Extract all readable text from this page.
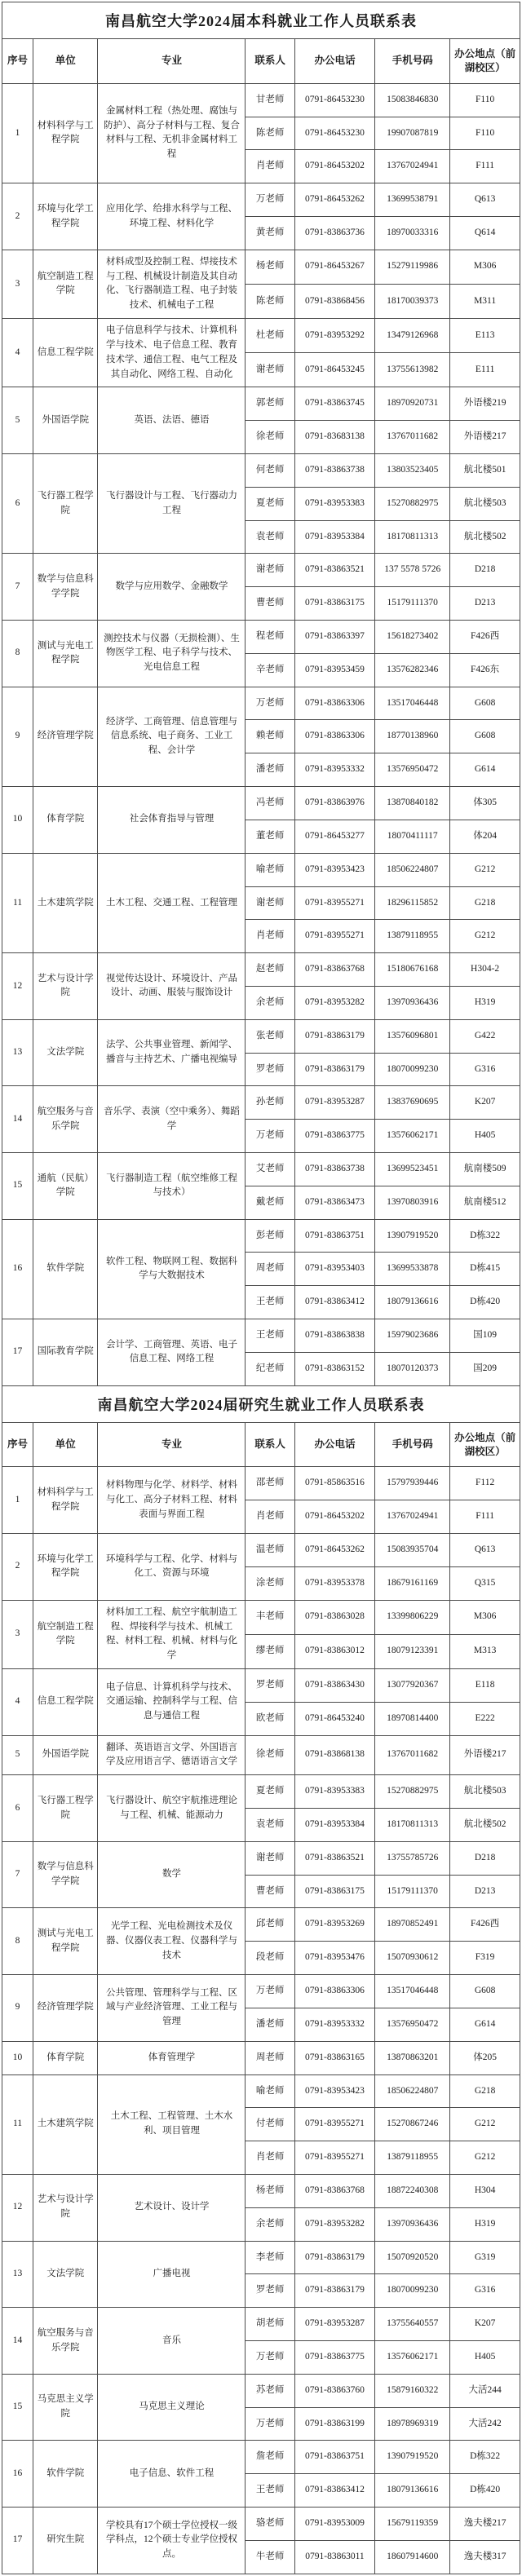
南昌航空大学2024届本科就业工作人员联系表						
序号	单位	专业	联系人	办公电话	手机号码	办公地点（前湖校区）
1	材料科学与工程学院	金属材料工程（热处理、腐蚀与防护）、高分子材料与工程、复合材料与工程、无机非金属材料工程	甘老师	0791-86453230	15083846830	F110
			陈老师	0791-86453230	19907087819	F110
			肖老师	0791-86453202	13767024941	F111
2	环境与化学工程学院	应用化学、给排水科学与工程、环境工程、材料化学	万老师	0791-86453262	13699538791	Q613
			黄老师	0791-83863736	18970033316	Q614
3	航空制造工程学院	材料成型及控制工程、焊接技术与工程、机械设计制造及其自动化、飞行器制造工程、电子封装技术、机械电子工程	杨老师	0791-86453267	15279119986	M306
			陈老师	0791-83868456	18170039373	M311
4	信息工程学院	电子信息科学与技术、计算机科学与技术、电子信息工程、教育技术学、通信工程、电气工程及其自动化、网络工程、自动化	杜老师	0791-83953292	13479126968	E113
			谢老师	0791-86453245	13755613982	E111
5	外国语学院	英语、法语、德语	郭老师	0791-83863745	18970920731	外语楼219
			徐老师	0791-83683138	13767011682	外语楼217
6	飞行器工程学院	飞行器设计与工程、飞行器动力工程	何老师	0791-83863738	13803523405	航北楼501
			夏老师	0791-83953383	15270882975	航北楼503
			袁老师	0791-83953384	18170811313	航北楼502
7	数学与信息科学学院	数学与应用数学、金融数学	谢老师	0791-83863521	137 5578 5726	D218
			曹老师	0791-83863175	15179111370	D213
8	测试与光电工程学院	测控技术与仪器（无损检测）、生物医学工程、电子科学与技术、光电信息工程	程老师	0791-83863397	15618273402	F426西
			辛老师	0791-83953459	13576282346	F426东
9	经济管理学院	经济学、工商管理、信息管理与信息系统、电子商务、工业工程、会计学	万老师	0791-83863306	13517046448	G608
			赖老师	0791-83863306	18770138960	G608
			潘老师	0791-83953332	13576950472	G614
10	体育学院	社会体育指导与管理	冯老师	0791-83863976	13870840182	体305
			董老师	0791-86453277	18070411117	体204
11	土木建筑学院	土木工程、交通工程、工程管理	喻老师	0791-83953423	18506224807	G212
			谢老师	0791-83955271	18296115852	G218
			肖老师	0791-83955271	13879118955	G212
12	艺术与设计学院	视觉传达设计、环境设计、产品设计、动画、服装与服饰设计	赵老师	0791-83863768	15180676168	H304-2
			余老师	0791-83953282	13970936436	H319
13	文法学院	法学、公共事业管理、新闻学、播音与主持艺术、广播电视编导	张老师	0791-83863179	13576096801	G422
			罗老师	0791-83863179	18070099230	G316
14	航空服务与音乐学院	音乐学、表演（空中乘务）、舞蹈学	孙老师	0791-83953287	13837690695	K207
			万老师	0791-83863775	13576062171	H405
15	通航（民航）学院	飞行器制造工程（航空维修工程与技术）	艾老师	0791-83863738	13699523451	航南楼509
			戴老师	0791-83863473	13970803916	航南楼512
16	软件学院	软件工程、物联网工程、数据科学与大数据技术	彭老师	0791-83863751	13907919520	D栋322
			周老师	0791-83953403	13699533878	D栋415
			王老师	0791-83863412	18079136616	D栋420
17	国际教育学院	会计学、工商管理、英语、电子信息工程、网络工程	王老师	0791-83863838	15979023686	国109
			纪老师	0791-83863152	18070120373	国209
南昌航空大学2024届研究生就业工作人员联系表						
序号	单位	专业	联系人	办公电话	手机号码	办公地点（前湖校区）
1	材料科学与工程学院	材料物理与化学、材料学、材料与化工、高分子材料工程、材料表面与界面工程	邵老师	0791-85863516	15797939446	F112
			肖老师	0791-86453202	13767024941	F111
2	环境与化学工程学院	环境科学与工程、化学、材料与化工、资源与环境	温老师	0791-86453262	15083935704	Q613
			涂老师	0791-83953378	18679161169	Q315
3	航空制造工程学院	材料加工工程、航空宇航制造工程、焊接科学与技术、机械工程、材料工程、机械、材料与化学	丰老师	0791-83863028	13399806229	M306
			缪老师	0791-83863012	18079123391	M313
4	信息工程学院	电子信息、计算机科学与技术、交通运输、控制科学与工程、信息与通信工程	罗老师	0791-83863430	13077920367	E118
			欧老师	0791-86453240	18970814400	E222
5	外国语学院	翻译、英语语言文学、外国语言学及应用语言学、德语语言文学	徐老师	0791-83868138	13767011682	外语楼217
6	飞行器工程学院	飞行器设计、航空宇航推进理论与工程、机械、能源动力	夏老师	0791-83953383	15270882975	航北楼503
			袁老师	0791-83953384	18170811313	航北楼502
7	数学与信息科学学院	数学	谢老师	0791-83863521	13755785726	D218
			曹老师	0791-83863175	15179111370	D213
8	测试与光电工程学院	光学工程、光电检测技术及仪器、仪器仪表工程、仪器科学与技术	邱老师	0791-83953269	18970852491	F426西
			段老师	0791-83953476	15070930612	F319
9	经济管理学院	公共管理、管理科学与工程、区域与产业经济管理、工业工程与管理	万老师	0791-83863306	13517046448	G608
			潘老师	0791-83953332	13576950472	G614
10	体育学院	体育管理学	周老师	0791-83863165	13870863201	体205
11	土木建筑学院	土木工程、工程管理、土木水利、项目管理	喻老师	0791-83953423	18506224807	G218
			付老师	0791-83955271	15270867246	G212
			肖老师	0791-83955271	13879118955	G212
12	艺术与设计学院	艺术设计、设计学	杨老师	0791-83863768	18872240308	H304
			余老师	0791-83953282	13970936436	H319
13	文法学院	广播电视	李老师	0791-83863179	15070920520	G319
			罗老师	0791-83863179	18070099230	G316
14	航空服务与音乐学院	音乐	胡老师	0791-83953287	13755640557	K207
			万老师	0791-83863775	13576062171	H405
15	马克思主义学院	马克思主义理论	苏老师	0791-83863760	15879160322	大活244
			万老师	0791-83863199	18978969319	大活242
16	软件学院	电子信息、软件工程	詹老师	0791-83863751	13907919520	D栋322
			王老师	0791-83863412	18079136616	D栋420
17	研究生院	学校具有17个硕士学位授权一级学科点，12个硕士专业学位授权点。	骆老师	0791-83953009	15679119359	逸夫楼217
			牛老师	0791-83863011	18607914600	逸夫楼317
